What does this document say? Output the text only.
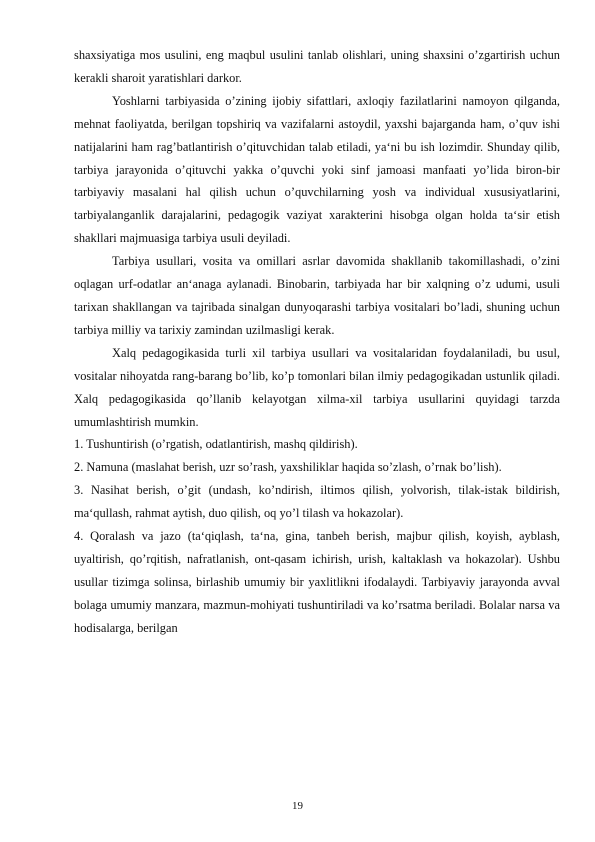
shaxsiyatiga mos usulini, eng maqbul usulini tanlab olishlari, uning shaxsini o’zgartirish uchun kerakli sharoit yaratishlari darkor.

Yoshlarni tarbiyasida o’zining ijobiy sifattlari, axloqiy fazilatlarini namoyon qilganda, mehnat faoliyatda, berilgan topshiriq va vazifalarni astoydil, yaxshi bajarganda ham, o’quv ishi natijalarini ham rag’batlantirish o’qituvchidan talab etiladi, ya‘ni bu ish lozimdir. Shunday qilib, tarbiya jarayonida o’qituvchi yakka o’quvchi yoki sinf jamoasi manfaati yo’lida biron-bir tarbiyaviy masalani hal qilish uchun o’quvchilarning yosh va individual xususiyatlarini, tarbiyalanganlik darajalarini, pedagogik vaziyat xarakterini hisobga olgan holda ta‘sir etish shakllari majmuasiga tarbiya usuli deyiladi.

Tarbiya usullari, vosita va omillari asrlar davomida shakllanib takomillashadi, o’zini oqlagan urf-odatlar an‘anaga aylanadi. Binobarin, tarbiyada har bir xalqning o’z udumi, usuli tarixan shakllangan va tajribada sinalgan dunyoqarashi tarbiya vositalari bo’ladi, shuning uchun tarbiya milliy va tarixiy zamindan uzilmasligi kerak.

Xalq pedagogikasida turli xil tarbiya usullari va vositalaridan foydalaniladi, bu usul, vositalar nihoyatda rang-barang bo’lib, ko’p tomonlari bilan ilmiy pedagogikadan ustunlik qiladi. Xalq pedagogikasida qo’llanib kelayotgan xilma-xil tarbiya usullarini quyidagi tarzda umumlashtirish mumkin.

1. Tushuntirish (o’rgatish, odatlantirish, mashq qildirish).

2. Namuna (maslahat berish, uzr so’rash, yaxshiliklar haqida so’zlash, o’rnak bo’lish).

3. Nasihat berish, o’git (undash, ko’ndirish, iltimos qilish, yolvorish, tilak-istak bildirish, ma‘qullash, rahmat aytish, duo qilish, oq yo’l tilash va hokazolar).

4. Qoralash va jazo (ta‘qiqlash, ta‘na, gina, tanbeh berish, majbur qilish, koyish, ayblash, uyaltirish, qo’rqitish, nafratlanish, ont-qasam ichirish, urish, kaltaklash va hokazolar). Ushbu usullar tizimga solinsa, birlashib umumiy bir yaxlitlikni ifodalaydi. Tarbiyaviy jarayonda avval bolaga umumiy manzara, mazmun-mohiyati tushuntiriladi va ko’rsatma beriladi. Bolalar narsa va hodisalarga, berilgan

19
